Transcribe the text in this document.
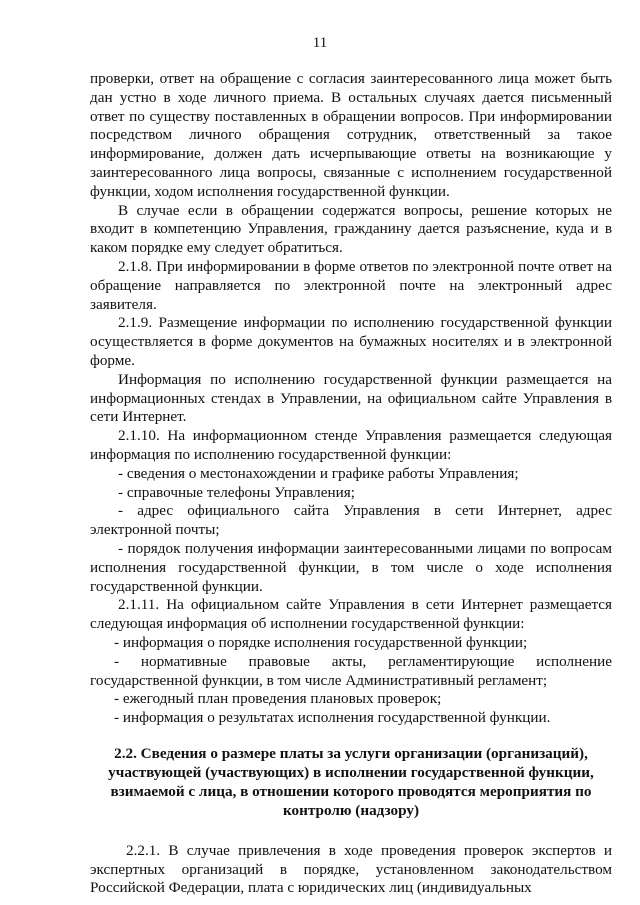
11

проверки, ответ на обращение с согласия заинтересованного лица может быть дан устно в ходе личного приема. В остальных случаях дается письменный ответ по существу поставленных в обращении вопросов. При информировании посредством личного обращения сотрудник, ответственный за такое информирование, должен дать исчерпывающие ответы на возникающие у заинтересованного лица вопросы, связанные с исполнением государственной функции, ходом исполнения государственной функции.

В случае если в обращении содержатся вопросы, решение которых не входит в компетенцию Управления, гражданину дается разъяснение, куда и в каком порядке ему следует обратиться.

2.1.8. При информировании в форме ответов по электронной почте ответ на обращение направляется по электронной почте на электронный адрес заявителя.

2.1.9. Размещение информации по исполнению государственной функции осуществляется в форме документов на бумажных носителях и в электронной форме.

Информация по исполнению государственной функции размещается на информационных стендах в Управлении, на официальном сайте Управления в сети Интернет.

2.1.10. На информационном стенде Управления размещается следующая информация по исполнению государственной функции:

- сведения о местонахождении и графике работы Управления;

- справочные телефоны Управления;

- адрес официального сайта Управления в сети Интернет, адрес электронной почты;

- порядок получения информации заинтересованными лицами по вопросам исполнения государственной функции, в том числе о ходе исполнения государственной функции.

2.1.11. На официальном сайте Управления в сети Интернет размещается следующая информация об исполнении государственной функции:

- информация о порядке исполнения государственной функции;

- нормативные правовые акты, регламентирующие исполнение государственной функции, в том числе Административный регламент;

- ежегодный план проведения плановых проверок;

- информация о результатах исполнения государственной функции.

2.2. Сведения о размере платы за услуги организации (организаций), участвующей (участвующих) в исполнении государственной функции, взимаемой с лица, в отношении которого проводятся мероприятия по контролю (надзору)

2.2.1. В случае привлечения в ходе проведения проверок экспертов и экспертных организаций в порядке, установленном законодательством Российской Федерации, плата с юридических лиц (индивидуальных
